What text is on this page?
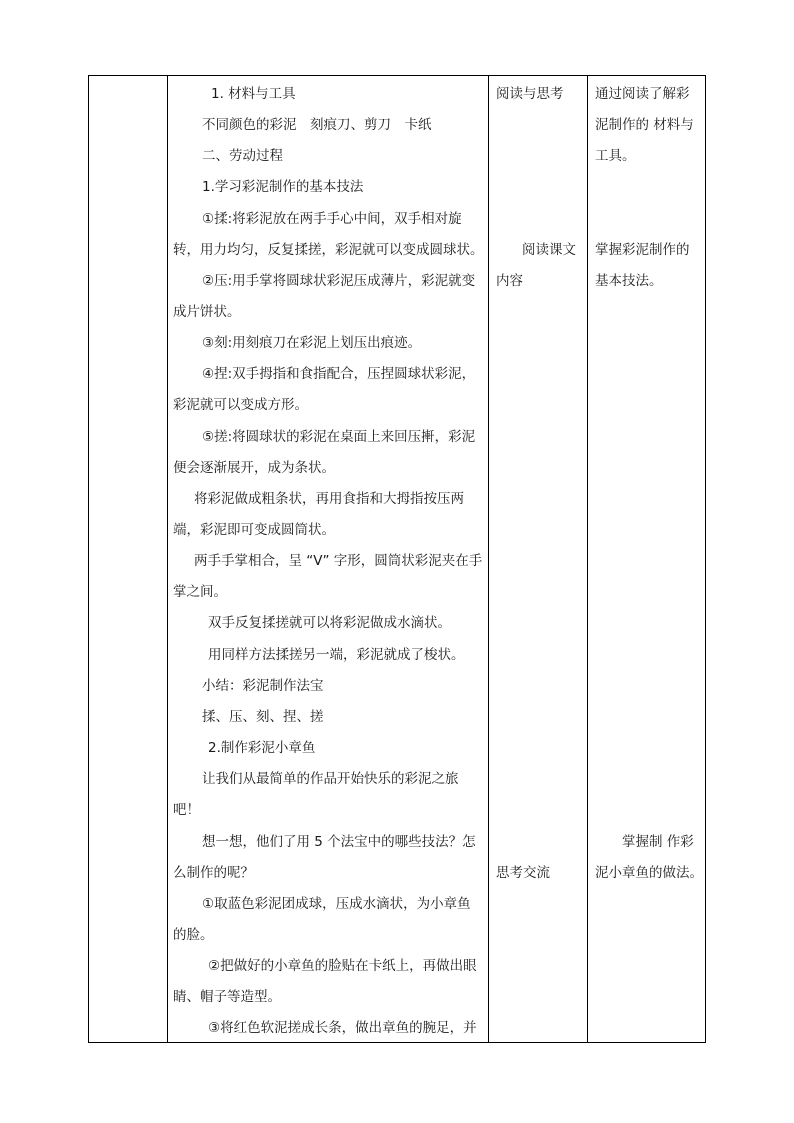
1. 材料与工具
不同颜色的彩泥　刻痕刀、剪刀　卡纸
二、劳动过程
1.学习彩泥制作的基本技法
①揉:将彩泥放在两手手心中间，双手相对旋
转，用力均匀，反复揉搓，彩泥就可以变成圆球状。
②压:用手掌将圆球状彩泥压成薄片，彩泥就变
成片饼状。
③刻:用刻痕刀在彩泥上划压出痕迹。
④捏:双手拇指和食指配合，压捏圆球状彩泥，
彩泥就可以变成方形。
⑤搓:将圆球状的彩泥在桌面上来回压搟，彩泥
便会逐渐展开，成为条状。
将彩泥做成粗条状，再用食指和大拇指按压两
端，彩泥即可变成圆筒状。
两手手掌相合，呈 “V” 字形，圆筒状彩泥夹在手
掌之间。
双手反复揉搓就可以将彩泥做成水滴状。
用同样方法揉搓另一端，彩泥就成了梭状。
小结：彩泥制作法宝
揉、压、刻、捏、搓
2.制作彩泥小章鱼
让我们从最简单的作品开始快乐的彩泥之旅
吧！
想一想，他们了用 5 个法宝中的哪些技法？怎
么制作的呢？
①取蓝色彩泥团成球，压成水滴状，为小章鱼
的脸。
②把做好的小章鱼的脸贴在卡纸上，再做出眼
睛、帽子等造型。
③将红色软泥搓成长条，做出章鱼的腕足，并
阅读与思考
阅读课文
内容
思考交流
通过阅读了解彩
泥制作的 材料与
工具。
掌握彩泥制作的
基本技法。
掌握制 作彩
泥小章鱼的做法。
